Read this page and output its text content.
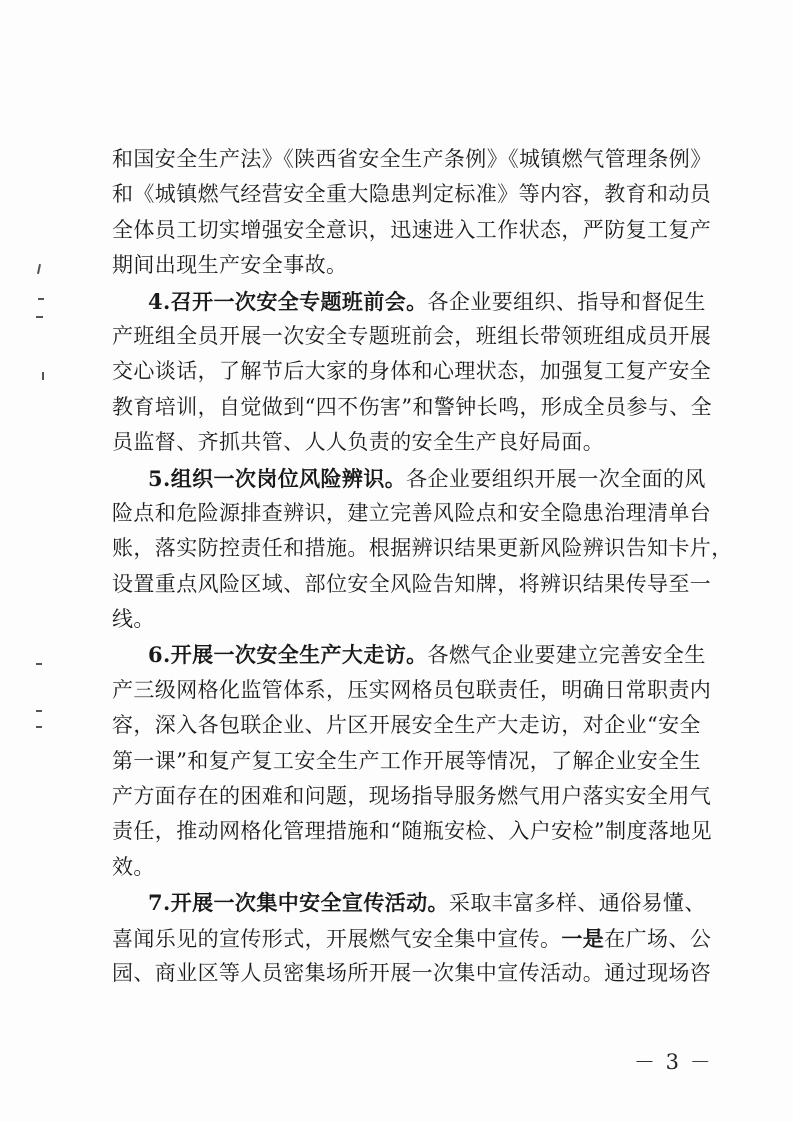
和国安全生产法》《陕西省安全生产条例》《城镇燃气管理条例》
和《城镇燃气经营安全重大隐患判定标准》等内容，教育和动员
全体员工切实增强安全意识，迅速进入工作状态，严防复工复产
期间出现生产安全事故。
4.召开一次安全专题班前会。各企业要组织、指导和督促生
产班组全员开展一次安全专题班前会，班组长带领班组成员开展
交心谈话，了解节后大家的身体和心理状态，加强复工复产安全
教育培训，自觉做到“四不伤害”和警钟长鸣，形成全员参与、全
员监督、齐抓共管、人人负责的安全生产良好局面。
5.组织一次岗位风险辨识。各企业要组织开展一次全面的风
险点和危险源排查辨识，建立完善风险点和安全隐患治理清单台
账，落实防控责任和措施。根据辨识结果更新风险辨识告知卡片，
设置重点风险区域、部位安全风险告知牌，将辨识结果传导至一
线。
6.开展一次安全生产大走访。各燃气企业要建立完善安全生
产三级网格化监管体系，压实网格员包联责任，明确日常职责内
容，深入各包联企业、片区开展安全生产大走访，对企业“安全
第一课”和复产复工安全生产工作开展等情况，了解企业安全生
产方面存在的困难和问题，现场指导服务燃气用户落实安全用气
责任，推动网格化管理措施和“随瓶安检、入户安检”制度落地见
效。
7.开展一次集中安全宣传活动。采取丰富多样、通俗易懂、
喜闻乐见的宣传形式，开展燃气安全集中宣传。一是在广场、公
园、商业区等人员密集场所开展一次集中宣传活动。通过现场咨
－ 3 －
